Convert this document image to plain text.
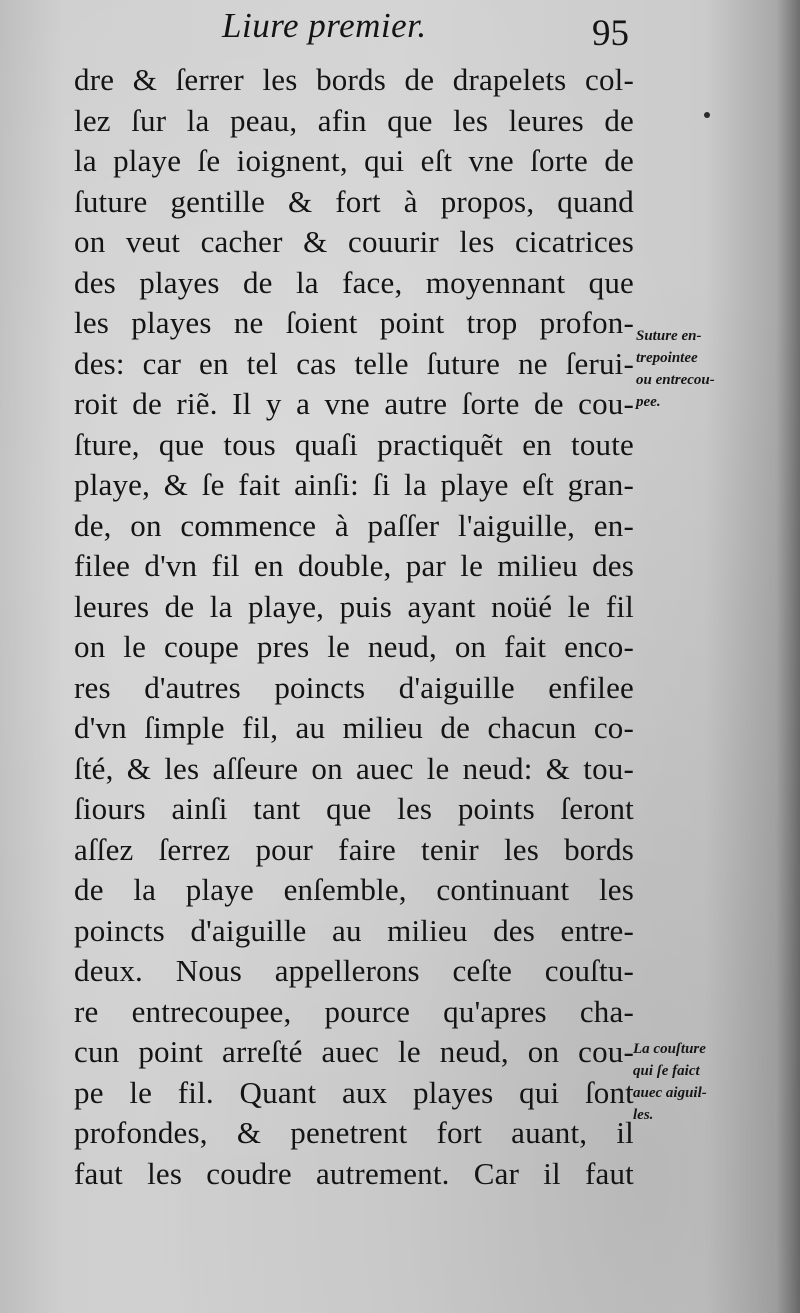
Liure premier.	95
dre & ſerrer les bords de drapelets col-
lez ſur la peau, afin que les leures de
la playe ſe ioignent, qui eſt vne ſorte de
ſuture gentille & fort à propos, quand
on veut cacher & couurir les cicatrices
des playes de la face, moyennant que
les playes ne ſoient point trop profon-
des: car en tel cas telle ſuture ne ſerui-
roit de riẽ. Il y a vne autre ſorte de cou-
ſture, que tous quaſi practiquẽt en toute
playe, & ſe fait ainſi: ſi la playe eſt gran-
de, on commence à paſſer l'aiguille, en-
filee d'vn fil en double, par le milieu des
leures de la playe, puis ayant noüé le fil
on le coupe pres le neud, on fait enco-
res d'autres poincts d'aiguille enfilee
d'vn ſimple fil, au milieu de chacun co-
ſté, & les aſſeure on auec le neud: & tou-
ſiours ainſi tant que les points ſeront
aſſez ſerrez pour faire tenir les bords
de la playe enſemble, continuant les
poincts d'aiguille au milieu des entre-
deux. Nous appellerons ceſte couſtu-
re entrecoupee, pource qu'apres cha-
cun point arreſté auec le neud, on cou-
pe le fil. Quant aux playes qui ſont
profondes, & penetrent fort auant, il
faut les coudre autrement. Car il faut
Suture en-
trepointee
ou entrecou-
pee.
La couſture
qui ſe faict
auec aiguil-
les.
